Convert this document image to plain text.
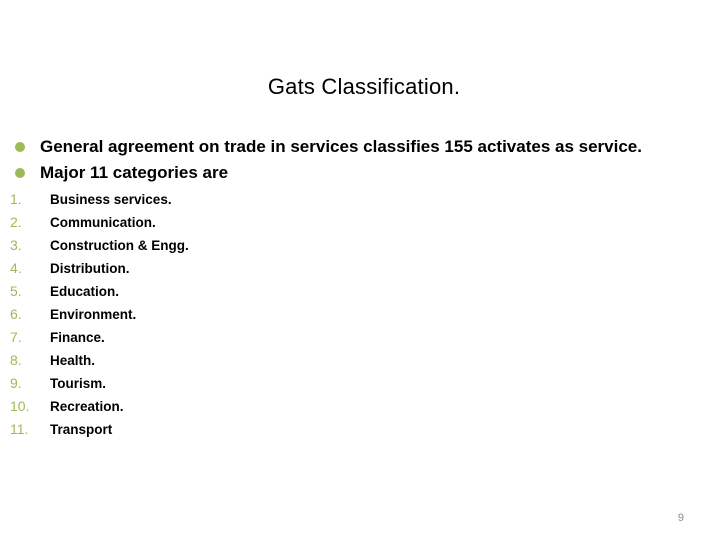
Gats Classification.
General agreement on trade in services classifies 155 activates as service.
Major 11 categories are
1.	Business services.
2.	Communication.
3.	Construction & Engg.
4.	Distribution.
5.	Education.
6.	Environment.
7.	Finance.
8.	Health.
9.	Tourism.
10.	Recreation.
11.	Transport
9
